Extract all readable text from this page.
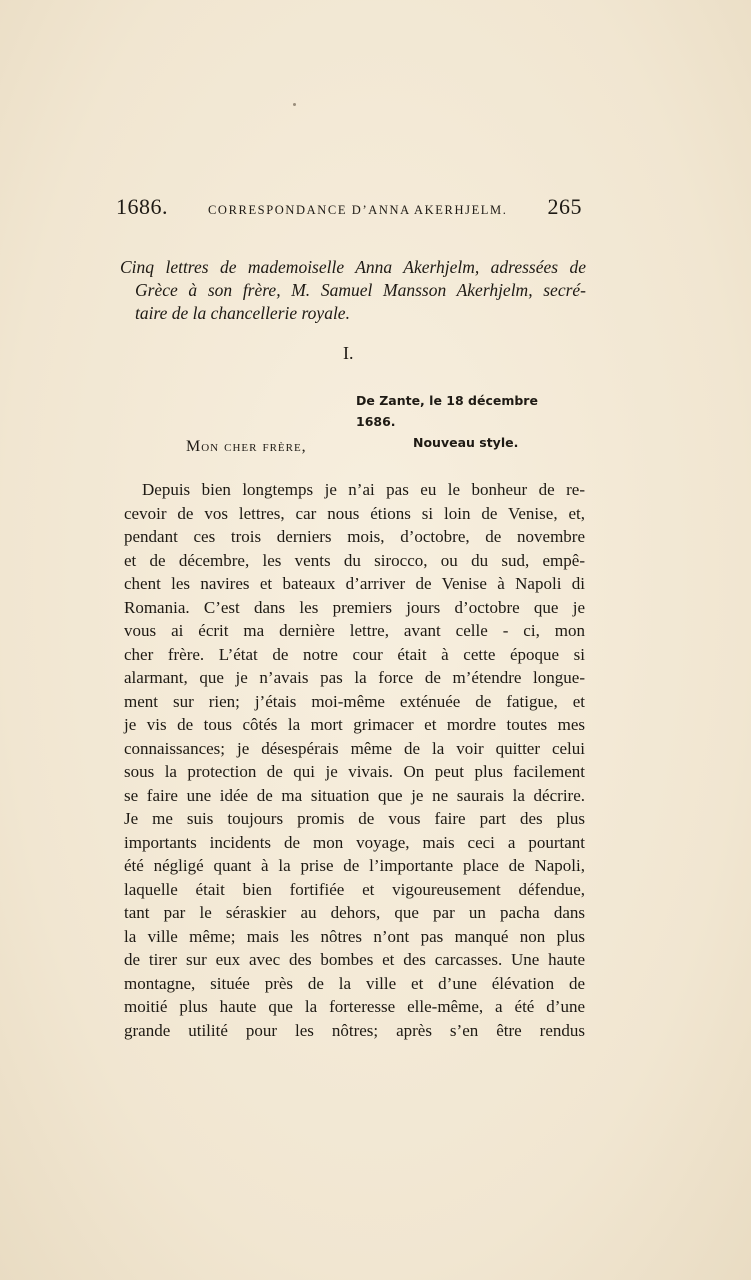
1686.	CORRESPONDANCE D’ANNA AKERHJELM. 265
Cinq lettres de mademoiselle Anna Akerhjelm, adressées de
Grèce à son frère, M. Samuel Mansson Akerhjelm, secré-
taire de la chancellerie royale.
I.
De Zante, le 18 décembre 1686.
Nouveau style.
Mon cher frère,
Depuis bien longtemps je n’ai pas eu le bonheur de re-
cevoir de vos lettres, car nous étions si loin de Venise, et,
pendant ces trois derniers mois, d’octobre, de novembre
et de décembre, les vents du sirocco, ou du sud, empê-
chent les navires et bateaux d’arriver de Venise à Napoli di
Romania. C’est dans les premiers jours d’octobre que je
vous ai écrit ma dernière lettre, avant celle - ci, mon
cher frère. L’état de notre cour était à cette époque si
alarmant, que je n’avais pas la force de m’étendre longue-
ment sur rien; j’étais moi-même exténuée de fatigue, et
je vis de tous côtés la mort grimacer et mordre toutes mes
connaissances; je désespérais même de la voir quitter celui
sous la protection de qui je vivais. On peut plus facilement
se faire une idée de ma situation que je ne saurais la décrire.
Je me suis toujours promis de vous faire part des plus
importants incidents de mon voyage, mais ceci a pourtant
été négligé quant à la prise de l’importante place de Napoli,
laquelle était bien fortifiée et vigoureusement défendue,
tant par le séraskier au dehors, que par un pacha dans
la ville même; mais les nôtres n’ont pas manqué non plus
de tirer sur eux avec des bombes et des carcasses. Une haute
montagne, située près de la ville et d’une élévation de
moitié plus haute que la forteresse elle-même, a été d’une
grande utilité pour les nôtres; après s’en être rendus
